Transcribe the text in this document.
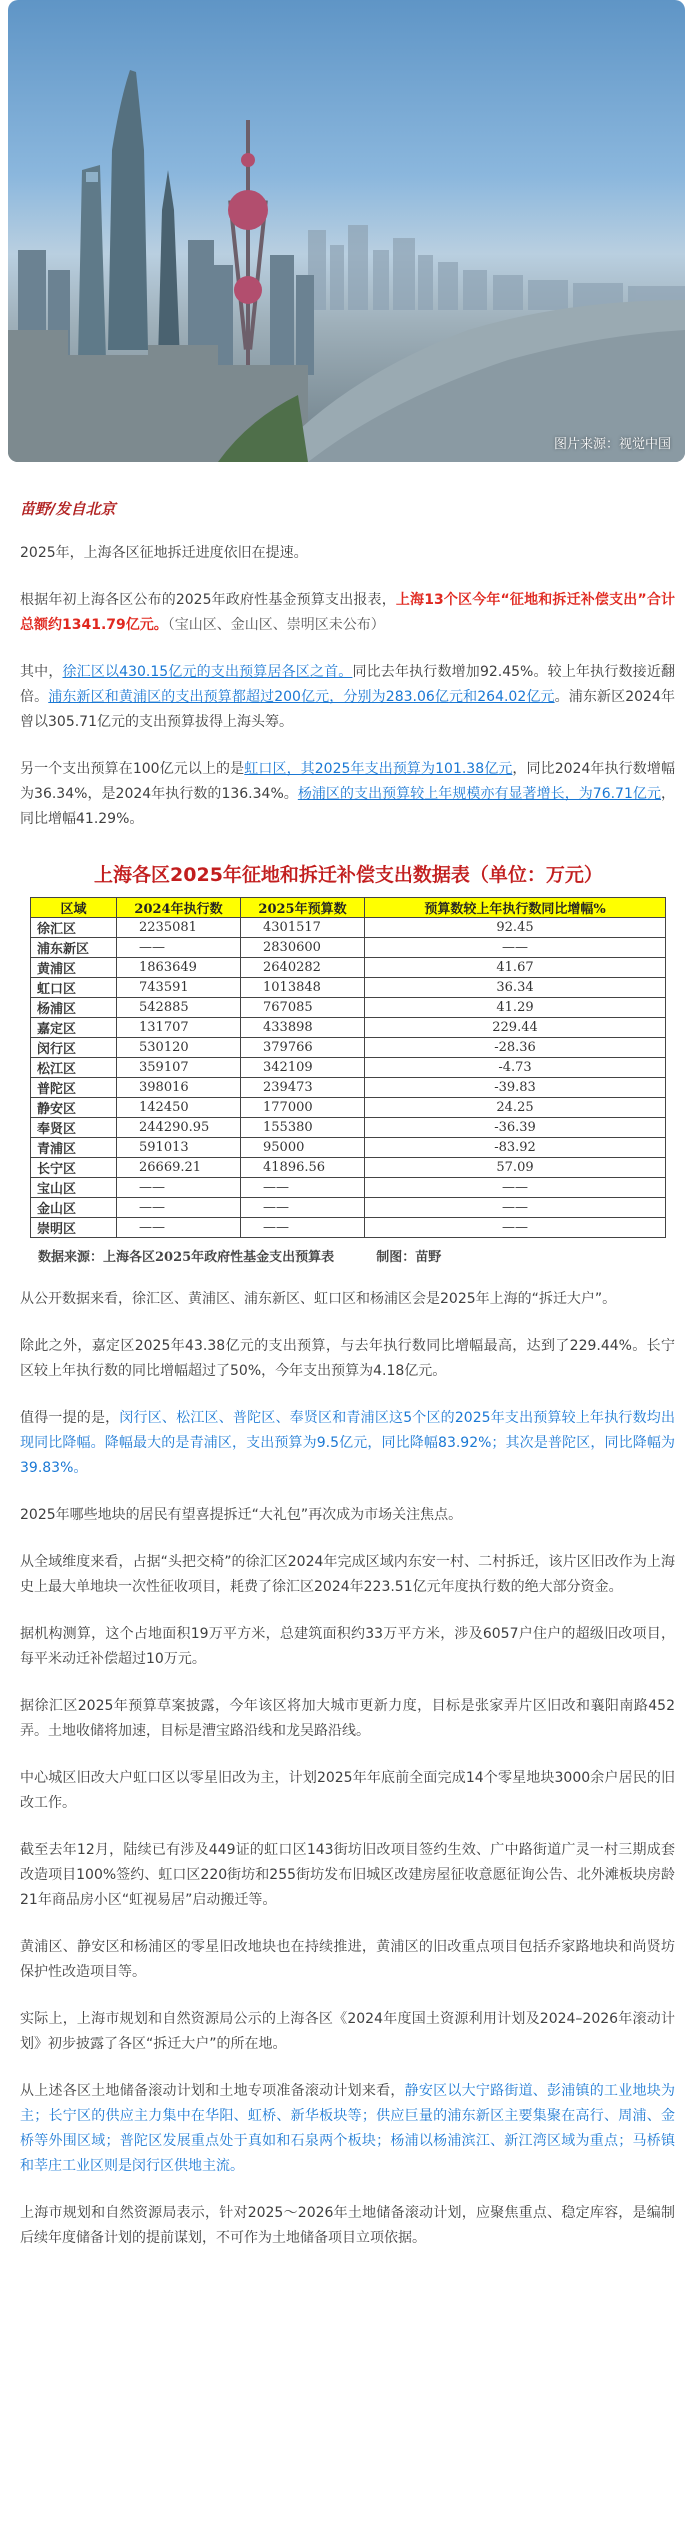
图片来源：视觉中国
苗野/发自北京

2025年，上海各区征地拆迁进度依旧在提速。

根据年初上海各区公布的2025年政府性基金预算支出报表，上海13个区今年“征地和拆迁补偿支出”合计总额约1341.79亿元。（宝山区、金山区、崇明区未公布）

其中，徐汇区以430.15亿元的支出预算居各区之首。同比去年执行数增加92.45%。较上年执行数接近翻倍。浦东新区和黄浦区的支出预算都超过200亿元，分别为283.06亿元和264.02亿元。浦东新区2024年曾以305.71亿元的支出预算拔得上海头筹。

另一个支出预算在100亿元以上的是虹口区，其2025年支出预算为101.38亿元，同比2024年执行数增幅为36.34%，是2024年执行数的136.34%。杨浦区的支出预算较上年规模亦有显著增长，为76.71亿元，同比增幅41.29%。

上海各区2025年征地和拆迁补偿支出数据表（单位：万元）
区域	2024年执行数	2025年预算数	预算数较上年执行数同比增幅%
徐汇区	2235081	4301517	92.45
浦东新区	——	2830600	——
黄浦区	1863649	2640282	41.67
虹口区	743591	1013848	36.34
杨浦区	542885	767085	41.29
嘉定区	131707	433898	229.44
闵行区	530120	379766	-28.36
松江区	359107	342109	-4.73
普陀区	398016	239473	-39.83
静安区	142450	177000	24.25
奉贤区	244290.95	155380	-36.39
青浦区	591013	95000	-83.92
长宁区	26669.21	41896.56	57.09
宝山区	——	——	——
金山区	——	——	——
崇明区	——	——	——
数据来源：上海各区2025年政府性基金支出预算表	制图：苗野

从公开数据来看，徐汇区、黄浦区、浦东新区、虹口区和杨浦区会是2025年上海的“拆迁大户”。

除此之外，嘉定区2025年43.38亿元的支出预算，与去年执行数同比增幅最高，达到了229.44%。长宁区较上年执行数的同比增幅超过了50%，今年支出预算为4.18亿元。

值得一提的是，闵行区、松江区、普陀区、奉贤区和青浦区这5个区的2025年支出预算较上年执行数均出现同比降幅。降幅最大的是青浦区，支出预算为9.5亿元，同比降幅83.92%；其次是普陀区，同比降幅为39.83%。

2025年哪些地块的居民有望喜提拆迁“大礼包”再次成为市场关注焦点。

从全域维度来看，占据“头把交椅”的徐汇区2024年完成区域内东安一村、二村拆迁，该片区旧改作为上海史上最大单地块一次性征收项目，耗费了徐汇区2024年223.51亿元年度执行数的绝大部分资金。

据机构测算，这个占地面积19万平方米，总建筑面积约33万平方米，涉及6057户住户的超级旧改项目，每平米动迁补偿超过10万元。

据徐汇区2025年预算草案披露，今年该区将加大城市更新力度，目标是张家弄片区旧改和襄阳南路452弄。土地收储将加速，目标是漕宝路沿线和龙吴路沿线。

中心城区旧改大户虹口区以零星旧改为主，计划2025年年底前全面完成14个零星地块3000余户居民的旧改工作。

截至去年12月，陆续已有涉及449证的虹口区143街坊旧改项目签约生效、广中路街道广灵一村三期成套改造项目100%签约、虹口区220街坊和255街坊发布旧城区改建房屋征收意愿征询公告、北外滩板块房龄21年商品房小区“虹视易居”启动搬迁等。

黄浦区、静安区和杨浦区的零星旧改地块也在持续推进，黄浦区的旧改重点项目包括乔家路地块和尚贤坊保护性改造项目等。

实际上，上海市规划和自然资源局公示的上海各区《2024年度国土资源利用计划及2024–2026年滚动计划》初步披露了各区“拆迁大户”的所在地。

从上述各区土地储备滚动计划和土地专项准备滚动计划来看，静安区以大宁路街道、彭浦镇的工业地块为主；长宁区的供应主力集中在华阳、虹桥、新华板块等；供应巨量的浦东新区主要集聚在高行、周浦、金桥等外围区域；普陀区发展重点处于真如和石泉两个板块；杨浦以杨浦滨江、新江湾区域为重点；马桥镇和莘庄工业区则是闵行区供地主流。

上海市规划和自然资源局表示，针对2025～2026年土地储备滚动计划，应聚焦重点、稳定库容，是编制后续年度储备计划的提前谋划，不可作为土地储备项目立项依据。
